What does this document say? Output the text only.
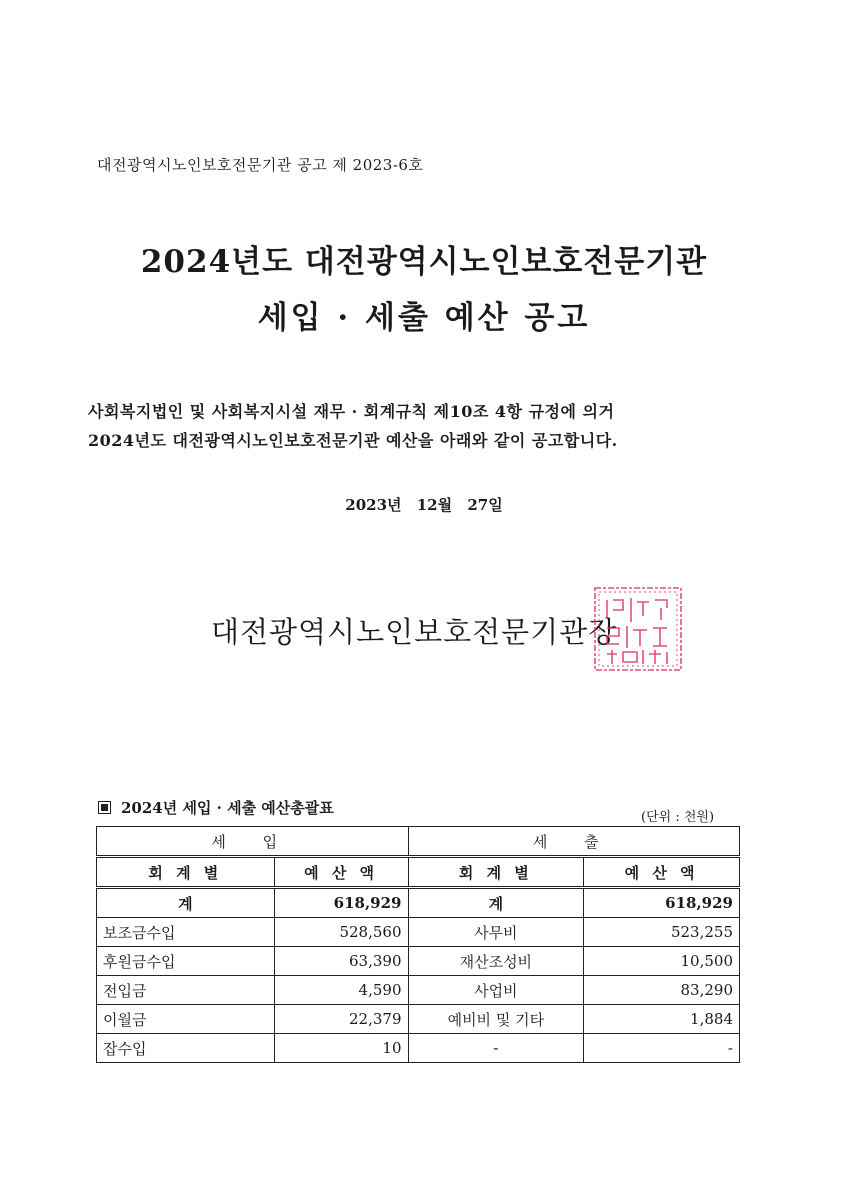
대전광역시노인보호전문기관 공고 제 2023-6호
2024년도 대전광역시노인보호전문기관
세입 · 세출 예산 공고
사회복지법인 및 사회복지시설 재무 · 회계규칙 제10조 4항 규정에 의거
2024년도 대전광역시노인보호전문기관 예산을 아래와 같이 공고합니다.
2023년 12월 27일
대전광역시노인보호전문기관장
2024년 세입 · 세출 예산총괄표
(단위 : 천원)
세 입		세 출	
회 계 별	예 산 액	회 계 별	예 산 액
계	618,929	계	618,929
보조금수입	528,560	사무비	523,255
후원금수입	63,390	재산조성비	10,500
전입금	4,590	사업비	83,290
이월금	22,379	예비비 및 기타	1,884
잡수입	10	-	-
